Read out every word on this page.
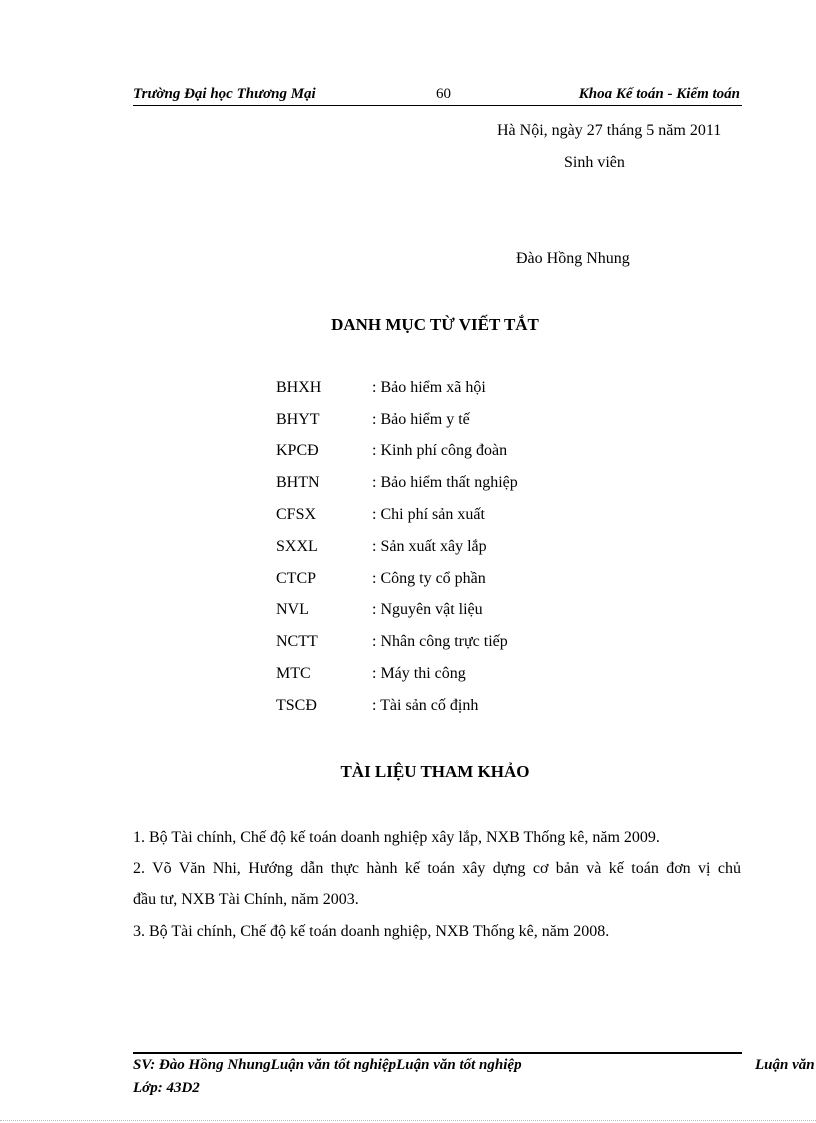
Trường Đại học Thương Mại	60	Khoa Kế toán - Kiểm toán
Hà Nội, ngày 27 tháng 5 năm 2011
Sinh viên
Đào Hồng Nhung
DANH MỤC TỪ VIẾT TẮT
BHXH	: Bảo hiểm xã hội
BHYT	: Bảo hiểm y tế
KPCĐ	: Kinh phí công đoàn
BHTN	: Bảo hiểm thất nghiệp
CFSX	: Chi phí sản xuất
SXXL	: Sản xuất xây lắp
CTCP	: Công ty cổ phần
NVL	: Nguyên vật liệu
NCTT	: Nhân công trực tiếp
MTC	: Máy thi công
TSCĐ	: Tài sản cố định
TÀI LIỆU THAM KHẢO
1. Bộ Tài chính, Chế độ kế toán doanh nghiệp xây lắp, NXB Thống kê, năm 2009.
2. Võ Văn Nhi, Hướng dẫn thực hành kế toán xây dựng cơ bản và kế toán đơn vị chủ
đầu tư, NXB Tài Chính, năm 2003.
3. Bộ Tài chính, Chế độ kế toán doanh nghiệp, NXB Thống kê, năm 2008.
SV: Đào Hồng NhungLuận văn tốt nghiệpLuận văn tốt nghiệp	Luận văn
Lớp: 43D2
